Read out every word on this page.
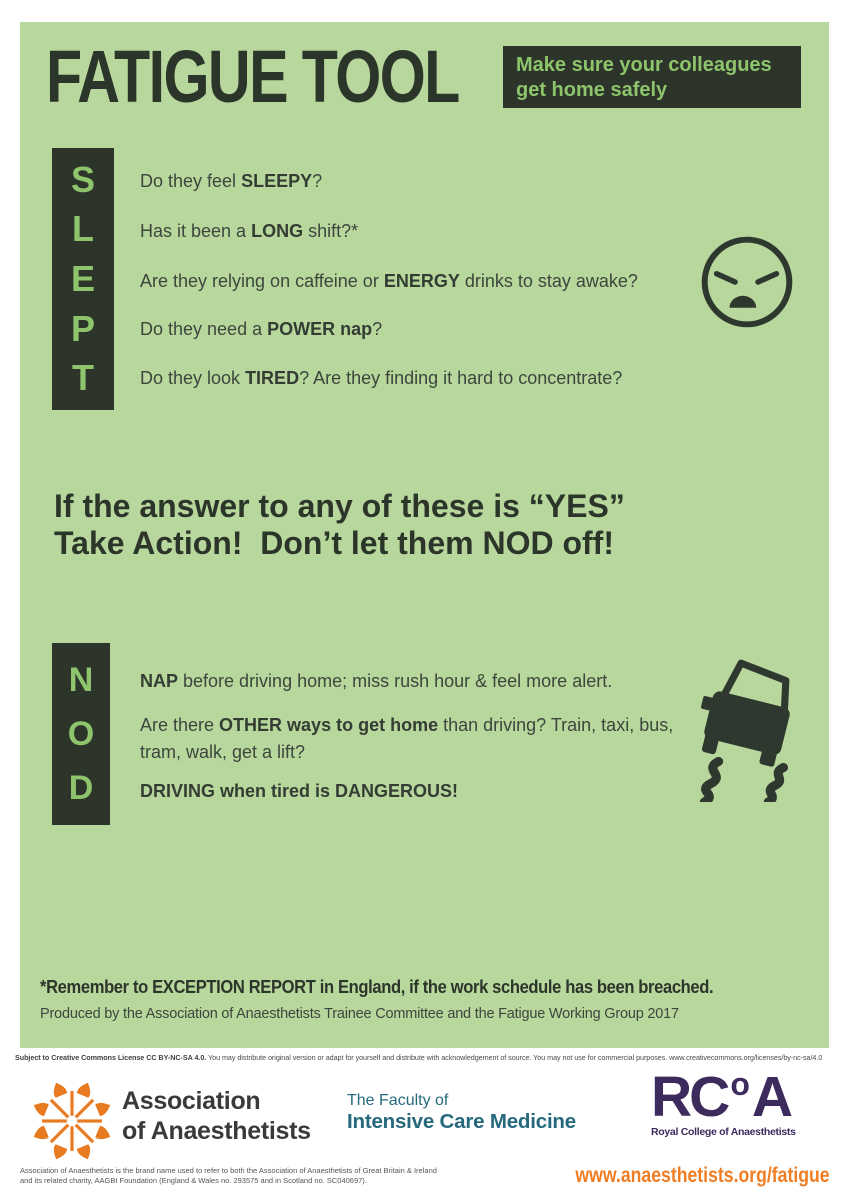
FATIGUE TOOL	Make sure your colleagues
get home safely
S
L
E
P
T
Do they feel SLEEPY?
Has it been a LONG shift?*
Are they relying on caffeine or ENERGY drinks to stay awake?
Do they need a POWER nap?
Do they look TIRED? Are they finding it hard to concentrate?
If the answer to any of these is “YES”
Take Action!  Don’t let them NOD off!
N
O
D
NAP before driving home; miss rush hour & feel more alert.
Are there OTHER ways to get home than driving? Train, taxi, bus, tram, walk, get a lift?
DRIVING when tired is DANGEROUS!
*Remember to EXCEPTION REPORT in England, if the work schedule has been breached.
Produced by the Association of Anaesthetists Trainee Committee and the Fatigue Working Group 2017
Subject to Creative Commons License CC BY-NC-SA 4.0. You may distribute original version or adapt for yourself and distribute with acknowledgement of source. You may not use for commercial purposes. www.creativecommons.org/licenses/by-nc-sa/4.0
Association
of Anaesthetists
The Faculty of
Intensive Care Medicine RCoA
Royal College of Anaesthetists
Association of Anaesthetists is the brand name used to refer to both the Association of Anaesthetists of Great Britain & Ireland
and its related charity, AAGBI Foundation (England & Wales no. 293575 and in Scotland no. SC040697).	www.anaesthetists.org/fatigue
